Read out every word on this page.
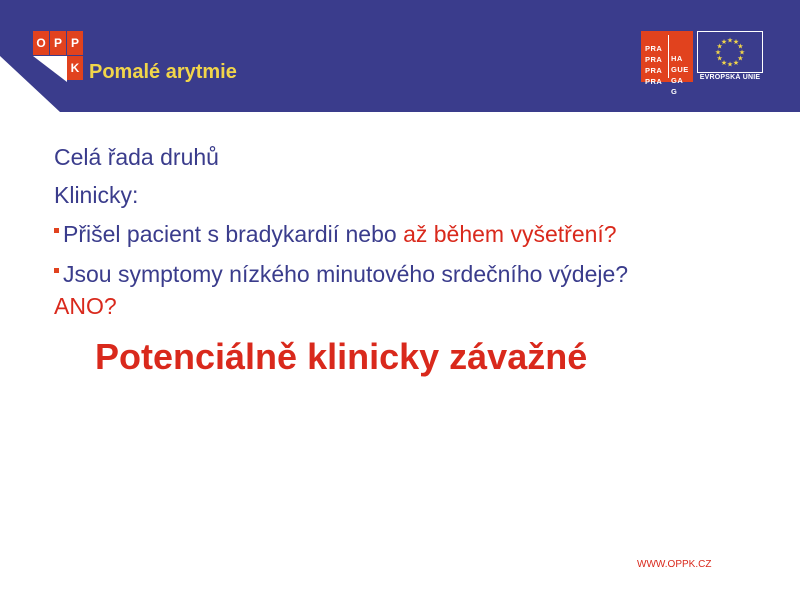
O P P
K Pomalé arytmie

PRA

HA

PRA

GUE

PRA

GA

PRA

G

★ ★
★
★
★
★
★
★
★
★
★
★
EVROPSKÁ UNIE
Celá řada druhů
Klinicky:
Přišel pacient s bradykardií nebo až během vyšetření?
Jsou symptomy nízkého minutového srdečního výdeje?
ANO?
Potenciálně klinicky závažné
WWW.OPPK.CZ
